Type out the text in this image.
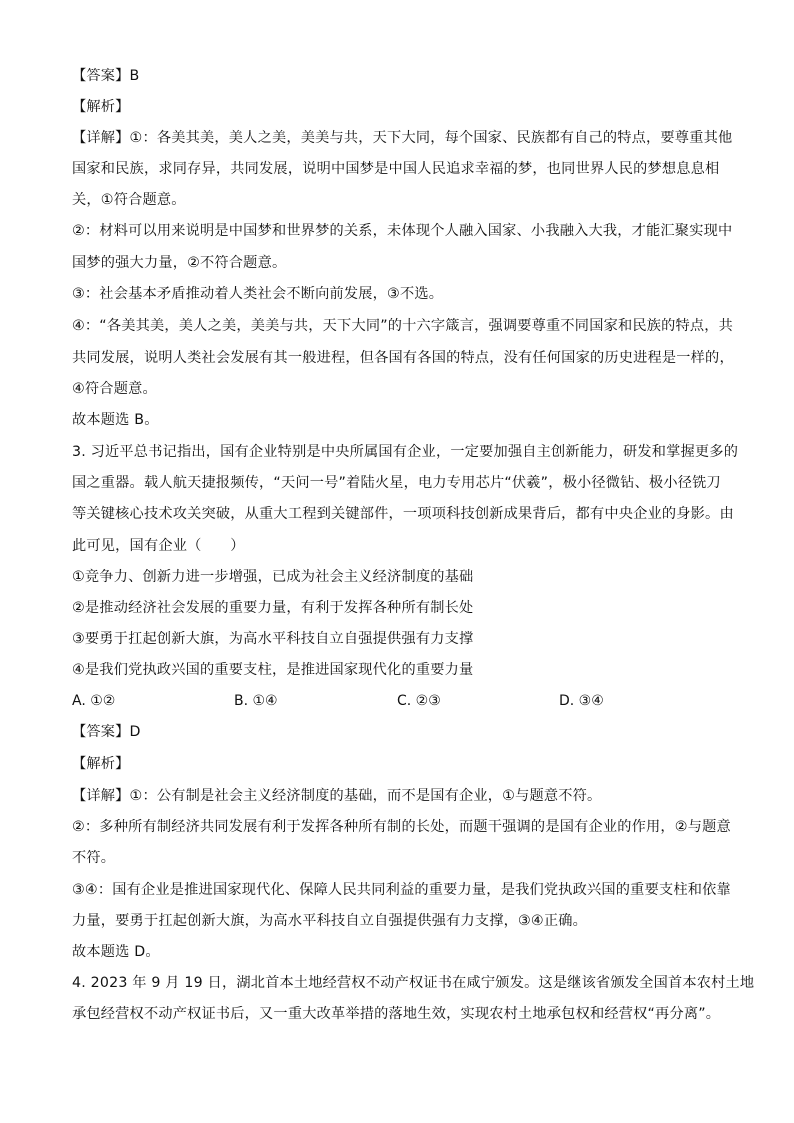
【答案】B
【解析】
【详解】①：各美其美，美人之美，美美与共，天下大同，每个国家、民族都有自己的特点，要尊重其他
国家和民族，求同存异，共同发展，说明中国梦是中国人民追求幸福的梦，也同世界人民的梦想息息相
关，①符合题意。
②：材料可以用来说明是中国梦和世界梦的关系，未体现个人融入国家、小我融入大我，才能汇聚实现中
国梦的强大力量，②不符合题意。
③：社会基本矛盾推动着人类社会不断向前发展，③不选。
④：“各美其美，美人之美，美美与共，天下大同”的十六字箴言，强调要尊重不同国家和民族的特点，共
共同发展，说明人类社会发展有其一般进程，但各国有各国的特点，没有任何国家的历史进程是一样的，
④符合题意。
故本题选 B。
3. 习近平总书记指出，国有企业特别是中央所属国有企业，一定要加强自主创新能力，研发和掌握更多的
国之重器。载人航天捷报频传，“天问一号”着陆火星，电力专用芯片“伏羲”，极小径微钻、极小径铣刀
等关键核心技术攻关突破，从重大工程到关键部件，一项项科技创新成果背后，都有中央企业的身影。由
此可见，国有企业（　　）
①竞争力、创新力进一步增强，已成为社会主义经济制度的基础
②是推动经济社会发展的重要力量，有利于发挥各种所有制长处
③要勇于扛起创新大旗，为高水平科技自立自强提供强有力支撑
④是我们党执政兴国的重要支柱，是推进国家现代化的重要力量
A. ①②	B. ①④	C. ②③	D. ③④
【答案】D
【解析】
【详解】①：公有制是社会主义经济制度的基础，而不是国有企业，①与题意不符。
②：多种所有制经济共同发展有利于发挥各种所有制的长处，而题干强调的是国有企业的作用，②与题意
不符。
③④：国有企业是推进国家现代化、保障人民共同利益的重要力量，是我们党执政兴国的重要支柱和依靠
力量，要勇于扛起创新大旗，为高水平科技自立自强提供强有力支撑，③④正确。
故本题选 D。
4. 2023 年 9 月 19 日，湖北首本土地经营权不动产权证书在咸宁颁发。这是继该省颁发全国首本农村土地
承包经营权不动产权证书后，又一重大改革举措的落地生效，实现农村土地承包权和经营权“再分离”。
